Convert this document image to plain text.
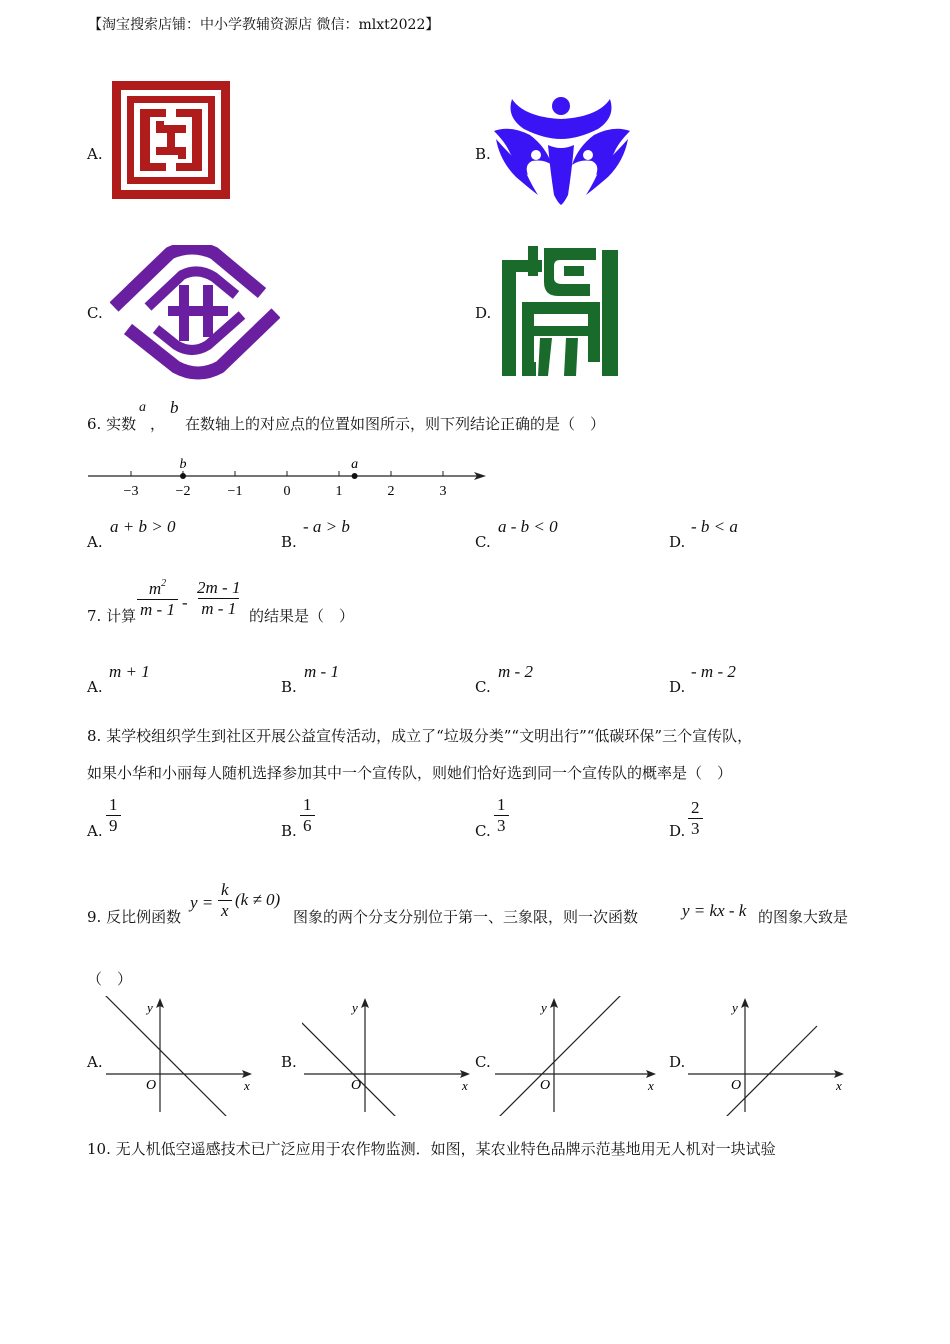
【淘宝搜索店铺：中小学教辅资源店 微信：mlxt2022】
A.	B.
C.	D.
6. 实数
a
，
b
在数轴上的对应点的位置如图所示，则下列结论正确的是（　）
−3	−2	−1	0	1	2	3
b	a
A.
a + b > 0
B.
- a > b
C.
a - b < 0
D.
- b < a
7. 计算 $\frac{m^2}{m - 1} - \frac{2m - 1}{m - 1}$ 的结果是（　）
A.
m + 1
B.
m - 1
C.
m - 2
D.
- m - 2
8. 某学校组织学生到社区开展公益宣传活动，成立了“垃圾分类”“文明出行”“低碳环保”三个宣传队，
如果小华和小丽每人随机选择参加其中一个宣传队，则她们恰好选到同一个宣传队的概率是（　）
A. $\frac{1}{9}$	B. $\frac{1}{6}$	C. $\frac{1}{3}$	D. $\frac{2}{3}$
9. 反比例函数
$y = \frac{k}{x} (k \ne 0)$
图象的两个分支分别位于第一、三象限，则一次函数	y = kx - k 的图象大致是
（　）
A.
x
y
O
B.
x
y
O
C.
x
y
O
D.
x
y
O
10. 无人机低空遥感技术已广泛应用于农作物监测．如图，某农业特色品牌示范基地用无人机对一块试验
